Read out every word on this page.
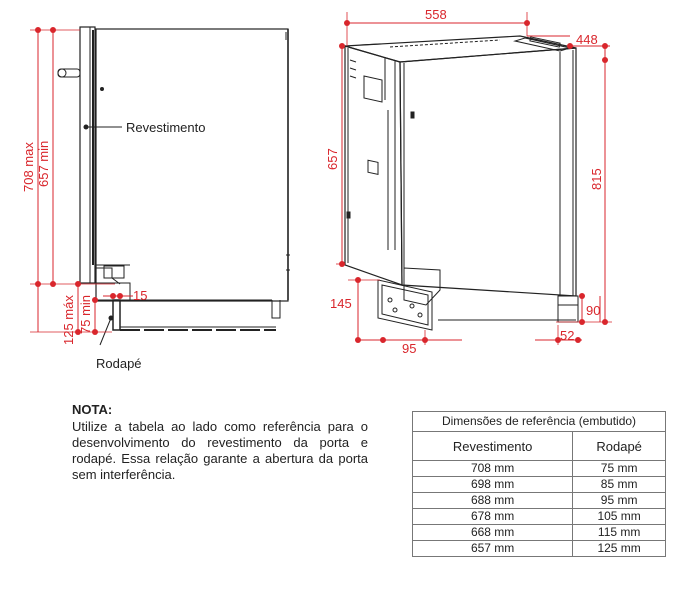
708 max 657 min
125 máx 75 min	15
Revestimento
Rodapé
558
448
657
815
145
95
90
52

NOTA:

Utilize a tabela ao lado como referência para o desenvolvimento do revestimento da porta e rodapé. Essa relação garante a abertura da porta sem interferência.

Dimensões de referência (embutido)
Revestimento	Rodapé
708 mm	75 mm
698 mm	85 mm
688 mm	95 mm
678 mm	105 mm
668 mm	115 mm
657 mm	125 mm
